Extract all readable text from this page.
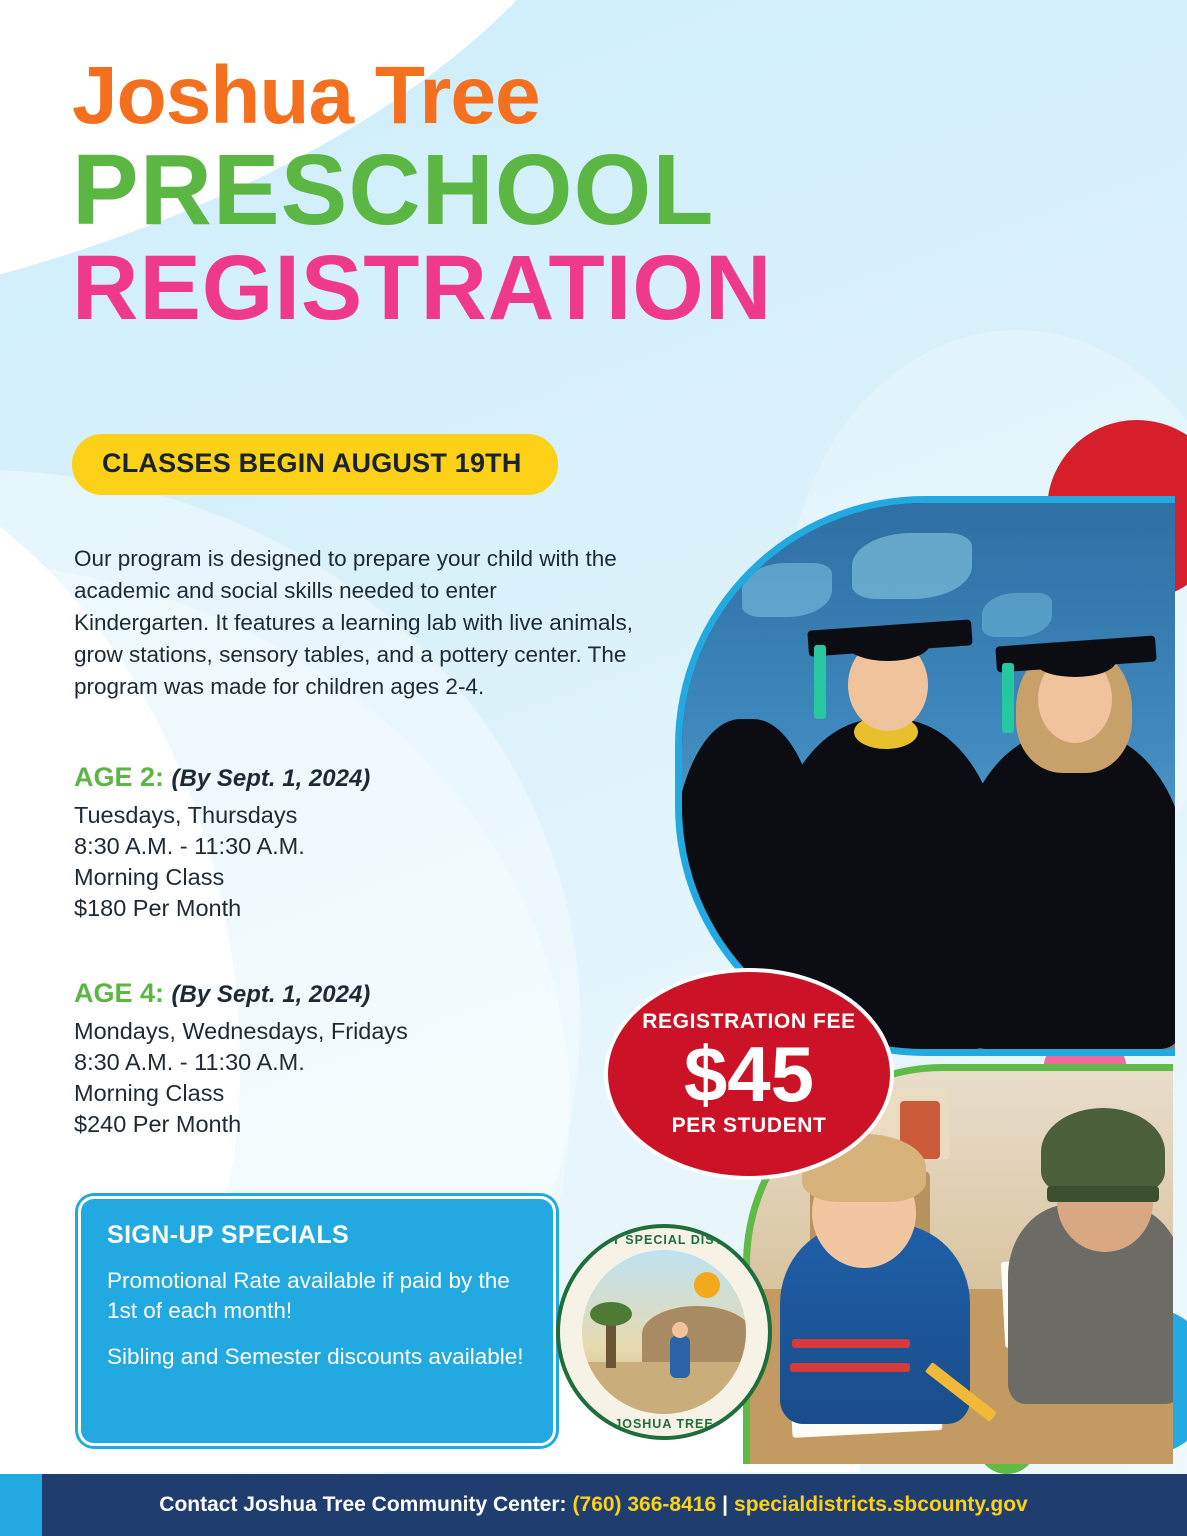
Joshua Tree
PRESCHOOL
REGISTRATION
CLASSES BEGIN AUGUST 19TH
Our program is designed to prepare your child with the academic and social skills needed to enter Kindergarten. It features a learning lab with live animals, grow stations, sensory tables, and a pottery center. The program was made for children ages 2-4.
AGE 2: (By Sept. 1, 2024)
Tuesdays, Thursdays
8:30 A.M. - 11:30 A.M.
Morning Class
$180 Per Month
AGE 4: (By Sept. 1, 2024)
Mondays, Wednesdays, Fridays
8:30 A.M. - 11:30 A.M.
Morning Class
$240 Per Month
SIGN-UP SPECIALS

Promotional Rate available if paid by the 1st of each month!

Sibling and Semester discounts available!

REGISTRATION FEE
$45
PER STUDENT
COUNTY SPECIAL DISTRICTS
JOSHUA TREE
Contact Joshua Tree Community Center: (760) 366-8416 | specialdistricts.sbcounty.gov
